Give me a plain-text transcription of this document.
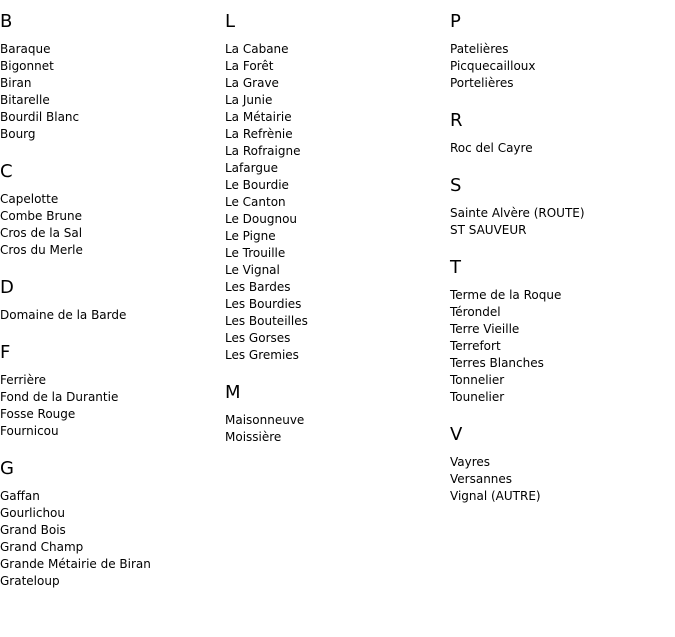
B
Baraque
Bigonnet
Biran
Bitarelle
Bourdil Blanc
Bourg
C
Capelotte
Combe Brune
Cros de la Sal
Cros du Merle
D
Domaine de la Barde
F
Ferrière
Fond de la Durantie
Fosse Rouge
Fournicou
G
Gaffan
Gourlichou
Grand Bois
Grand Champ
Grande Métairie de Biran
Grateloup
L
La Cabane
La Forêt
La Grave
La Junie
La Métairie
La Refrènie
La Rofraigne
Lafargue
Le Bourdie
Le Canton
Le Dougnou
Le Pigne
Le Trouille
Le Vignal
Les Bardes
Les Bourdies
Les Bouteilles
Les Gorses
Les Gremies
M
Maisonneuve
Moissière
P
Patelières
Picquecailloux
Portelières
R
Roc del Cayre
S
Sainte Alvère (ROUTE)
ST SAUVEUR
T
Terme de la Roque
Térondel
Terre Vieille
Terrefort
Terres Blanches
Tonnelier
Tounelier
V
Vayres
Versannes
Vignal (AUTRE)
